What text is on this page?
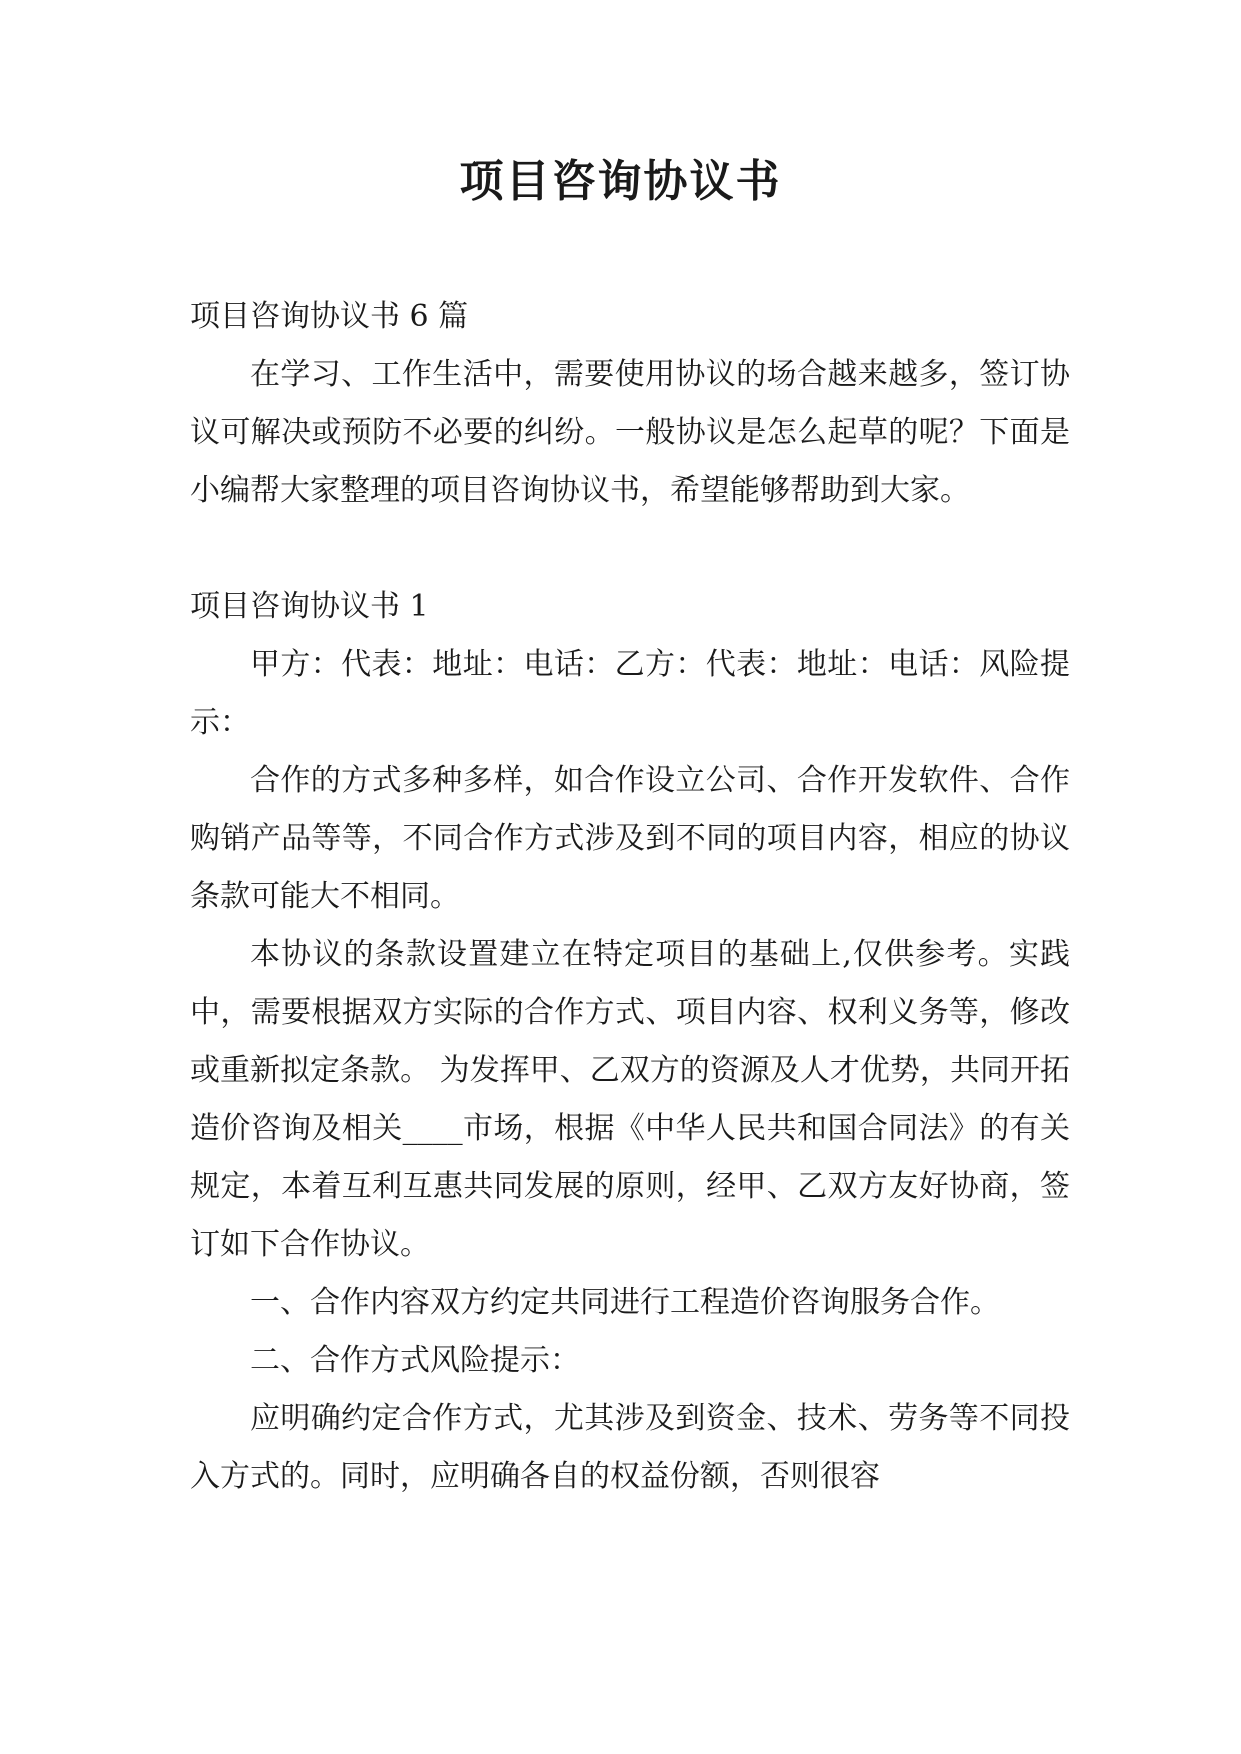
项目咨询协议书

项目咨询协议书 6 篇

在学习、工作生活中，需要使用协议的场合越来越多，签订协议可解决或预防不必要的纠纷。一般协议是怎么起草的呢？下面是小编帮大家整理的项目咨询协议书，希望能够帮助到大家。

项目咨询协议书 1

甲方：代表：地址：电话：乙方：代表：地址：电话：风险提示：

合作的方式多种多样，如合作设立公司、合作开发软件、合作购销产品等等，不同合作方式涉及到不同的项目内容，相应的协议条款可能大不相同。

本协议的条款设置建立在特定项目的基础上,仅供参考。实践中，需要根据双方实际的合作方式、项目内容、权利义务等，修改或重新拟定条款。 为发挥甲、乙双方的资源及人才优势，共同开拓造价咨询及相关____市场，根据《中华人民共和国合同法》的有关规定，本着互利互惠共同发展的原则，经甲、乙双方友好协商，签订如下合作协议。

一、合作内容双方约定共同进行工程造价咨询服务合作。

二、合作方式风险提示：

应明确约定合作方式，尤其涉及到资金、技术、劳务等不同投入方式的。同时，应明确各自的权益份额，否则很容
